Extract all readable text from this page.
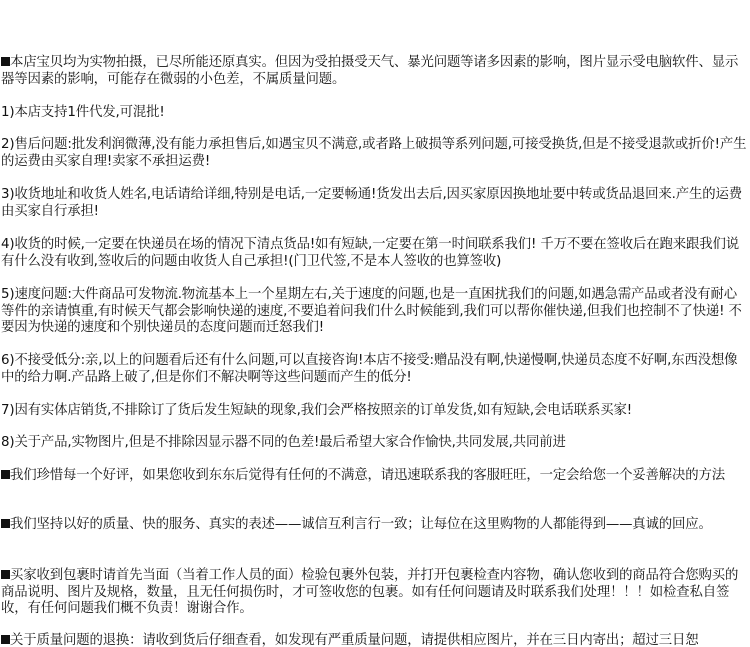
本店宝贝均为实物拍摄，已尽所能还原真实。但因为受拍摄受天气、暴光问题等诸多因素的影响，图片显示受电脑软件、显示器等因素的影响，可能存在微弱的小色差，不属质量问题。

1)本店支持1件代发,可混批!

2)售后问题:批发利润微薄,没有能力承担售后,如遇宝贝不满意,或者路上破损等系列问题,可接受换货,但是不接受退款或折价!产生的运费由买家自理!卖家不承担运费!

3)收货地址和收货人姓名,电话请给详细,特别是电话,一定要畅通!货发出去后,因买家原因换地址要中转或货品退回来.产生的运费由买家自行承担!

4)收货的时候,一定要在快递员在场的情况下清点货品!如有短缺,一定要在第一时间联系我们! 千万不要在签收后在跑来跟我们说有什么没有收到,签收后的问题由收货人自己承担!(门卫代签,不是本人签收的也算签收)

5)速度问题:大件商品可发物流.物流基本上一个星期左右,关于速度的问题,也是一直困扰我们的问题,如遇急需产品或者没有耐心等件的亲请慎重,有时候天气都会影响快递的速度,不要追着问我们什么时候能到,我们可以帮你催快递,但我们也控制不了快递! 不要因为快递的速度和个别快递员的态度问题而迁怒我们!

6)不接受低分:亲,以上的问题看后还有什么问题,可以直接咨询!本店不接受:赠品没有啊,快递慢啊,快递员态度不好啊,东西没想像中的给力啊.产品路上破了,但是你们不解决啊等这些问题而产生的低分!

7)因有实体店销货,不排除订了货后发生短缺的现象,我们会严格按照亲的订单发货,如有短缺,会电话联系买家!

8)关于产品,实物图片,但是不排除因显示器不同的色差!最后希望大家合作愉快,共同发展,共同前进

我们珍惜每一个好评，如果您收到东东后觉得有任何的不满意，请迅速联系我的客服旺旺，一定会给您一个妥善解决的方法

我们坚持以好的质量、快的服务、真实的表述——诚信互利言行一致；让每位在这里购物的人都能得到——真诚的回应。

买家收到包裹时请首先当面（当着工作人员的面）检验包裹外包装，并打开包裹检查内容物，确认您收到的商品符合您购买的商品说明、图片及规格，数量，且无任何损伤时，才可签收您的包裹。如有任何问题请及时联系我们处理！！！如检查私自签收，有任何问题我们概不负责！谢谢合作。

关于质量问题的退换：请收到货后仔细查看，如发现有严重质量问题，请提供相应图片，并在三日内寄出；超过三日恕
